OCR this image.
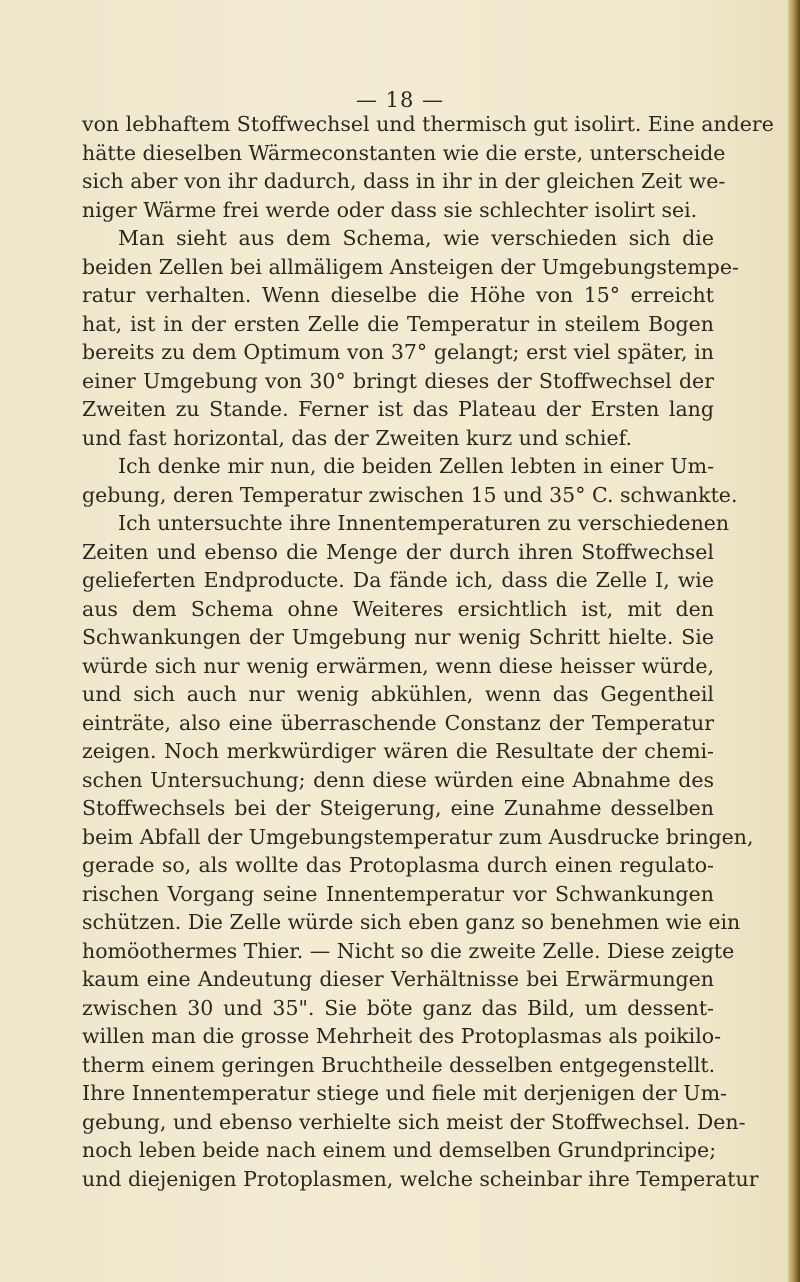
— 18 —
von lebhaftem Stoffwechsel und thermisch gut isolirt. Eine andere
hätte dieselben Wärmeconstanten wie die erste, unterscheide
sich aber von ihr dadurch, dass in ihr in der gleichen Zeit we-
niger Wärme frei werde oder dass sie schlechter isolirt sei.
Man sieht aus dem Schema, wie verschieden sich die
beiden Zellen bei allmäligem Ansteigen der Umgebungstempe-
ratur verhalten. Wenn dieselbe die Höhe von 15° erreicht
hat, ist in der ersten Zelle die Temperatur in steilem Bogen
bereits zu dem Optimum von 37° gelangt; erst viel später, in
einer Umgebung von 30° bringt dieses der Stoffwechsel der
Zweiten zu Stande. Ferner ist das Plateau der Ersten lang
und fast horizontal, das der Zweiten kurz und schief.
Ich denke mir nun, die beiden Zellen lebten in einer Um-
gebung, deren Temperatur zwischen 15 und 35° C. schwankte.
Ich untersuchte ihre Innentemperaturen zu verschiedenen
Zeiten und ebenso die Menge der durch ihren Stoffwechsel
gelieferten Endproducte. Da fände ich, dass die Zelle I, wie
aus dem Schema ohne Weiteres ersichtlich ist, mit den
Schwankungen der Umgebung nur wenig Schritt hielte. Sie
würde sich nur wenig erwärmen, wenn diese heisser würde,
und sich auch nur wenig abkühlen, wenn das Gegentheil
einträte, also eine überraschende Constanz der Temperatur
zeigen. Noch merkwürdiger wären die Resultate der chemi-
schen Untersuchung; denn diese würden eine Abnahme des
Stoffwechsels bei der Steigerung, eine Zunahme desselben
beim Abfall der Umgebungstemperatur zum Ausdrucke bringen,
gerade so, als wollte das Protoplasma durch einen regulato-
rischen Vorgang seine Innentemperatur vor Schwankungen
schützen. Die Zelle würde sich eben ganz so benehmen wie ein
homöothermes Thier. — Nicht so die zweite Zelle. Diese zeigte
kaum eine Andeutung dieser Verhältnisse bei Erwärmungen
zwischen 30 und 35". Sie böte ganz das Bild, um dessent-
willen man die grosse Mehrheit des Protoplasmas als poikilo-
therm einem geringen Bruchtheile desselben entgegenstellt.
Ihre Innentemperatur stiege und fiele mit derjenigen der Um-
gebung, und ebenso verhielte sich meist der Stoffwechsel. Den-
noch leben beide nach einem und demselben Grundprincipe;
und diejenigen Protoplasmen, welche scheinbar ihre Temperatur
